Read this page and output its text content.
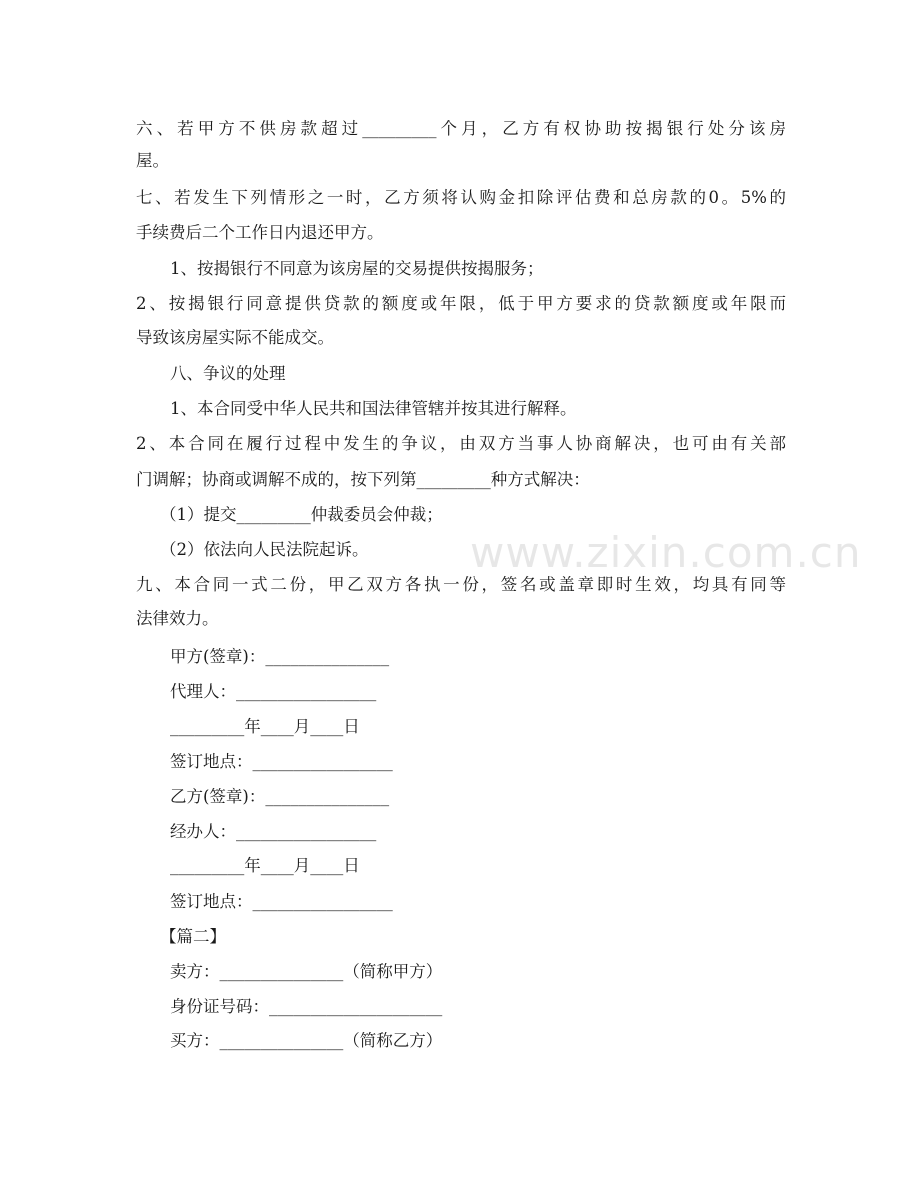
www.zixin.com.cn
六、若甲方不供房款超过_________个月，乙方有权协助按揭银行处分该房
屋。
七、若发生下列情形之一时，乙方须将认购金扣除评估费和总房款的0。5%的
手续费后二个工作日内退还甲方。
1、按揭银行不同意为该房屋的交易提供按揭服务；
2、按揭银行同意提供贷款的额度或年限，低于甲方要求的贷款额度或年限而
导致该房屋实际不能成交。
八、争议的处理
1、本合同受中华人民共和国法律管辖并按其进行解释。
2、本合同在履行过程中发生的争议，由双方当事人协商解决，也可由有关部
门调解；协商或调解不成的，按下列第_________种方式解决：
（1）提交_________仲裁委员会仲裁；
（2）依法向人民法院起诉。
九、本合同一式二份，甲乙双方各执一份，签名或盖章即时生效，均具有同等
法律效力。
甲方(签章)：_______________
代理人：_________________
_________年____月____日
签订地点：_________________
乙方(签章)：_______________
经办人：_________________
_________年____月____日
签订地点：_________________
【篇二】
卖方：_______________（简称甲方）
身份证号码：_____________________
买方：_______________（简称乙方）
